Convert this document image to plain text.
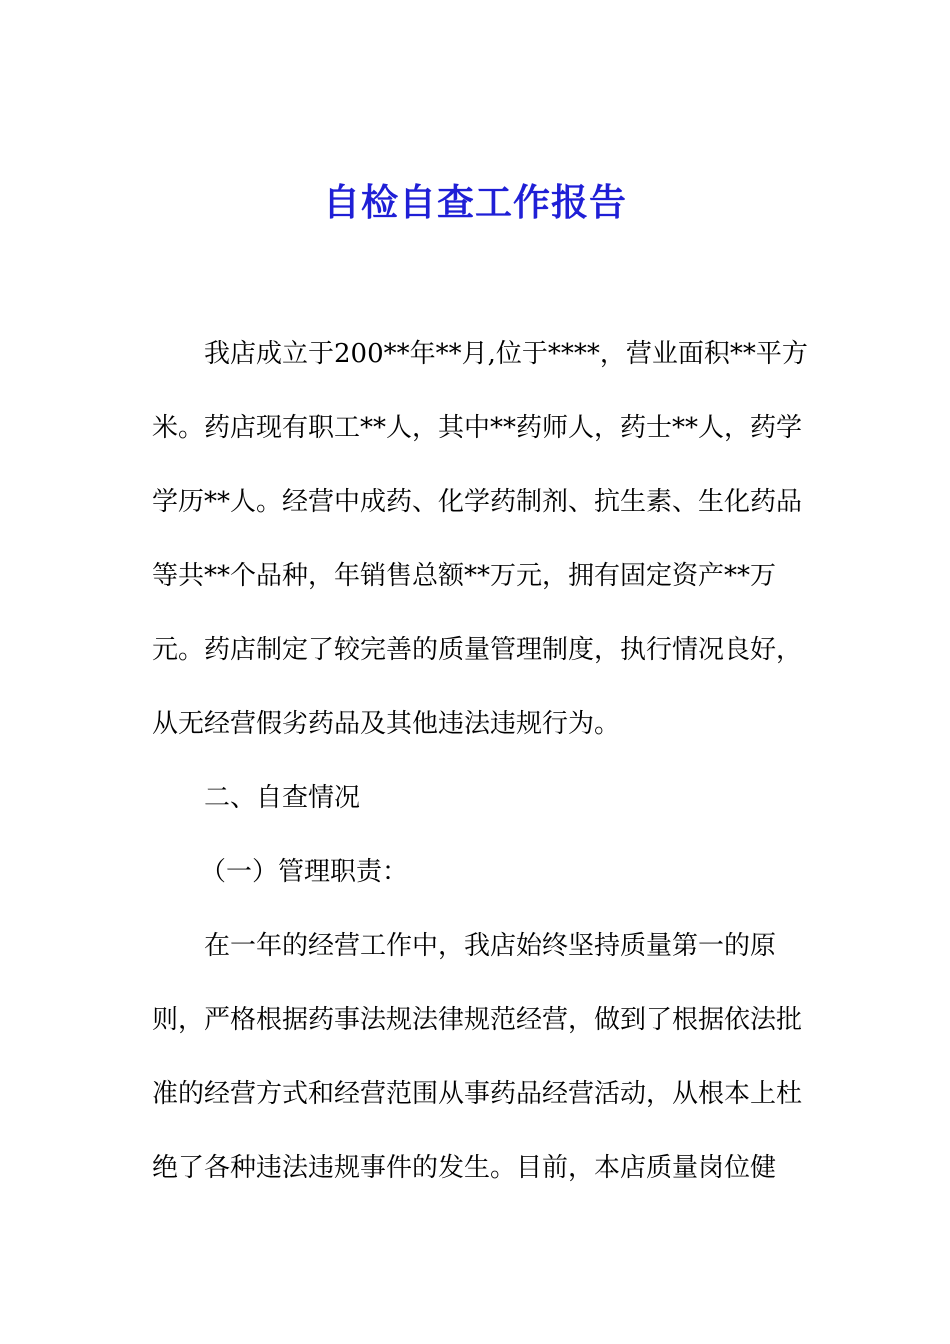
自检自查工作报告

我店成立于200**年**月,位于****，营业面积**平方

米。药店现有职工**人，其中**药师人，药士**人，药学

学历**人。经营中成药、化学药制剂、抗生素、生化药品

等共**个品种，年销售总额**万元，拥有固定资产**万

元。药店制定了较完善的质量管理制度，执行情况良好，

从无经营假劣药品及其他违法违规行为。

二、自查情况

（一）管理职责：

在一年的经营工作中，我店始终坚持质量第一的原

则，严格根据药事法规法律规范经营，做到了根据依法批

准的经营方式和经营范围从事药品经营活动，从根本上杜

绝了各种违法违规事件的发生。目前，本店质量岗位健
